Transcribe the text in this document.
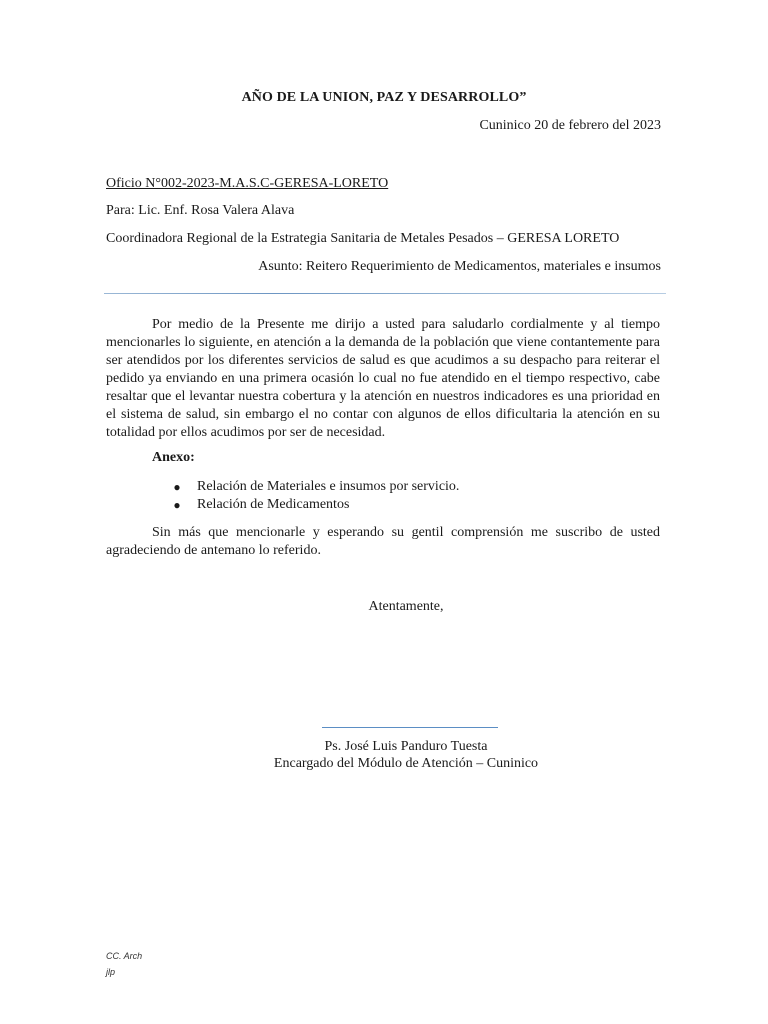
AÑO DE LA UNION, PAZ Y DESARROLLO”
Cuninico 20 de febrero del 2023
Oficio N°002-2023-M.A.S.C-GERESA-LORETO
Para: Lic. Enf. Rosa Valera Alava
Coordinadora Regional de la Estrategia Sanitaria de Metales Pesados – GERESA LORETO
Asunto: Reitero Requerimiento de Medicamentos, materiales e insumos
Por medio de la Presente me dirijo a usted para saludarlo cordialmente y al tiempo mencionarles lo siguiente, en atención a la demanda de la población que viene contantemente para ser atendidos por los diferentes servicios de salud es que acudimos a su despacho para reiterar el pedido ya enviando en una primera ocasión lo cual no fue atendido en el tiempo respectivo, cabe resaltar que el levantar nuestra cobertura y la atención en nuestros indicadores es una prioridad en el sistema de salud, sin embargo el no contar con algunos de ellos dificultaria la atención en su totalidad por ellos acudimos por ser de necesidad.
Anexo:
● Relación de Materiales e insumos por servicio.
● Relación de Medicamentos
Sin más que mencionarle y esperando su gentil comprensión me suscribo de usted agradeciendo de antemano lo referido.
Atentamente,
Ps. José Luis Panduro Tuesta
Encargado del Módulo de Atención – Cuninico
CC. Arch
jlp
